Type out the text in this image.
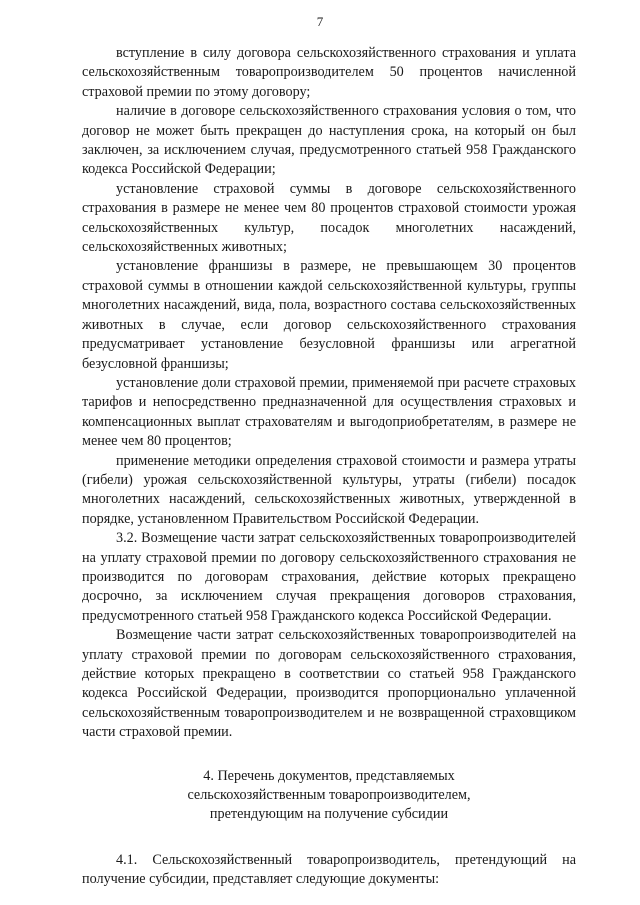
7

вступление в силу договора сельскохозяйственного страхования и уплата сельскохозяйственным товаропроизводителем 50 процентов начисленной страховой премии по этому договору;

наличие в договоре сельскохозяйственного страхования условия о том, что договор не может быть прекращен до наступления срока, на который он был заключен, за исключением случая, предусмотренного статьей 958 Гражданского кодекса Российской Федерации;

установление страховой суммы в договоре сельскохозяйственного страхования в размере не менее чем 80 процентов страховой стоимости урожая сельскохозяйственных культур, посадок многолетних насаждений, сельскохозяйственных животных;

установление франшизы в размере, не превышающем 30 процентов страховой суммы в отношении каждой сельскохозяйственной культуры, группы многолетних насаждений, вида, пола, возрастного состава сельскохозяйственных животных в случае, если договор сельскохозяйственного страхования предусматривает установление безусловной франшизы или агрегатной безусловной франшизы;

установление доли страховой премии, применяемой при расчете страховых тарифов и непосредственно предназначенной для осуществления страховых и компенсационных выплат страхователям и выгодоприобретателям, в размере не менее чем 80 процентов;

применение методики определения страховой стоимости и размера утраты (гибели) урожая сельскохозяйственной культуры, утраты (гибели) посадок многолетних насаждений, сельскохозяйственных животных, утвержденной в порядке, установленном Правительством Российской Федерации.

3.2. Возмещение части затрат сельскохозяйственных товаропроизводителей на уплату страховой премии по договору сельскохозяйственного страхования не производится по договорам страхования, действие которых прекращено досрочно, за исключением случая прекращения договоров страхования, предусмотренного статьей 958 Гражданского кодекса Российской Федерации.

Возмещение части затрат сельскохозяйственных товаропроизводителей на уплату страховой премии по договорам сельскохозяйственного страхования, действие которых прекращено в соответствии со статьей 958 Гражданского кодекса Российской Федерации, производится пропорционально уплаченной сельскохозяйственным товаропроизводителем и не возвращенной страховщиком части страховой премии.

4. Перечень документов, представляемых
сельскохозяйственным товаропроизводителем,
претендующим на получение субсидии

4.1. Сельскохозяйственный товаропроизводитель, претендующий на получение субсидии, представляет следующие документы:
